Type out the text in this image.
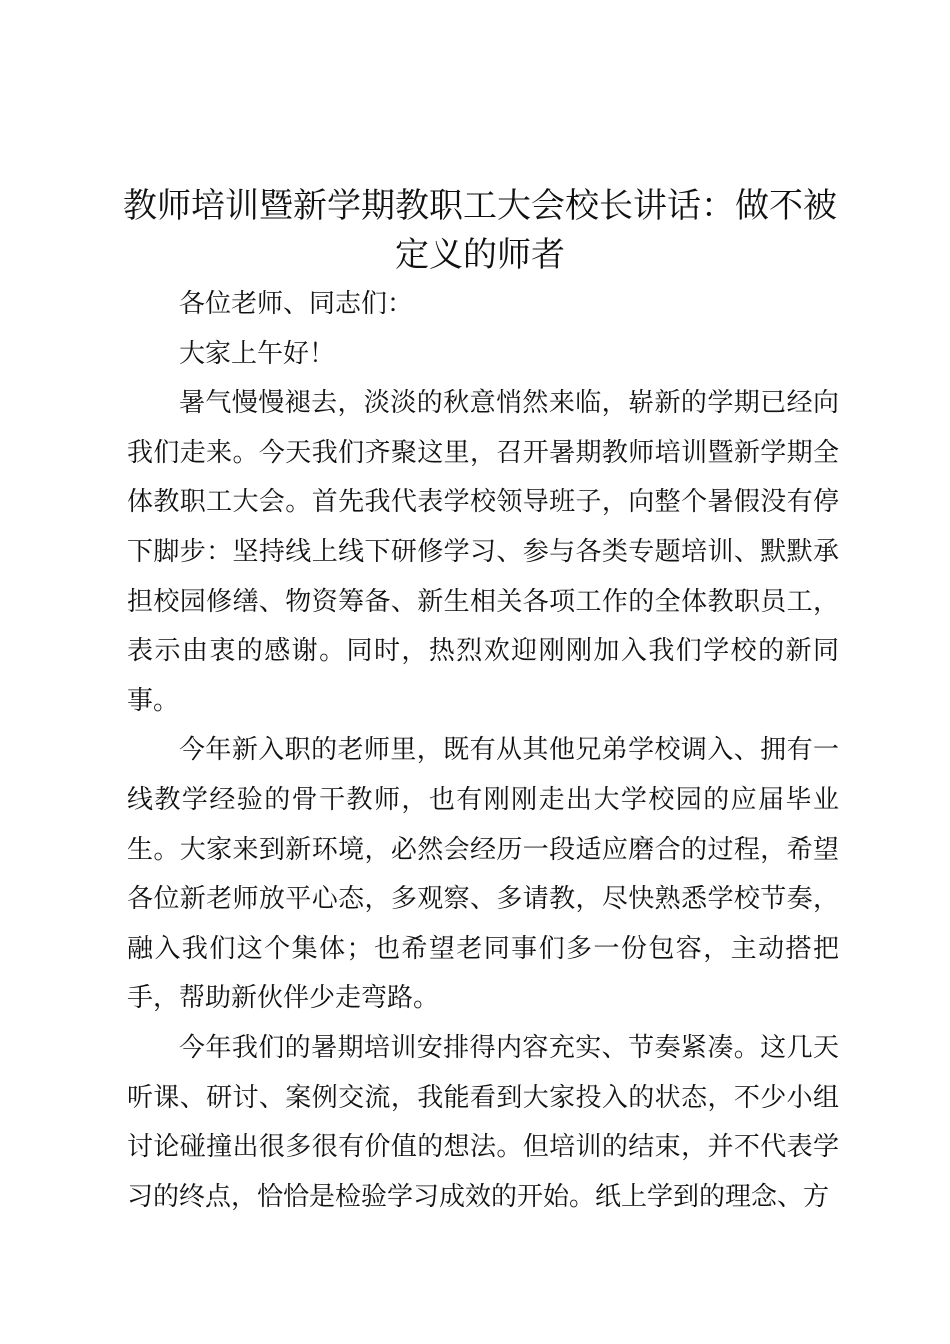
教师培训暨新学期教职工大会校长讲话：做不被定义的师者

各位老师、同志们：

大家上午好！

暑气慢慢褪去，淡淡的秋意悄然来临，崭新的学期已经向我们走来。今天我们齐聚这里，召开暑期教师培训暨新学期全体教职工大会。首先我代表学校领导班子，向整个暑假没有停下脚步：坚持线上线下研修学习、参与各类专题培训、默默承担校园修缮、物资筹备、新生相关各项工作的全体教职员工，表示由衷的感谢。同时，热烈欢迎刚刚加入我们学校的新同事。

今年新入职的老师里，既有从其他兄弟学校调入、拥有一线教学经验的骨干教师，也有刚刚走出大学校园的应届毕业生。大家来到新环境，必然会经历一段适应磨合的过程，希望各位新老师放平心态，多观察、多请教，尽快熟悉学校节奏，融入我们这个集体；也希望老同事们多一份包容，主动搭把手，帮助新伙伴少走弯路。

今年我们的暑期培训安排得内容充实、节奏紧凑。这几天听课、研讨、案例交流，我能看到大家投入的状态，不少小组讨论碰撞出很多很有价值的想法。但培训的结束，并不代表学习的终点，恰恰是检验学习成效的开始。纸上学到的理念、方
